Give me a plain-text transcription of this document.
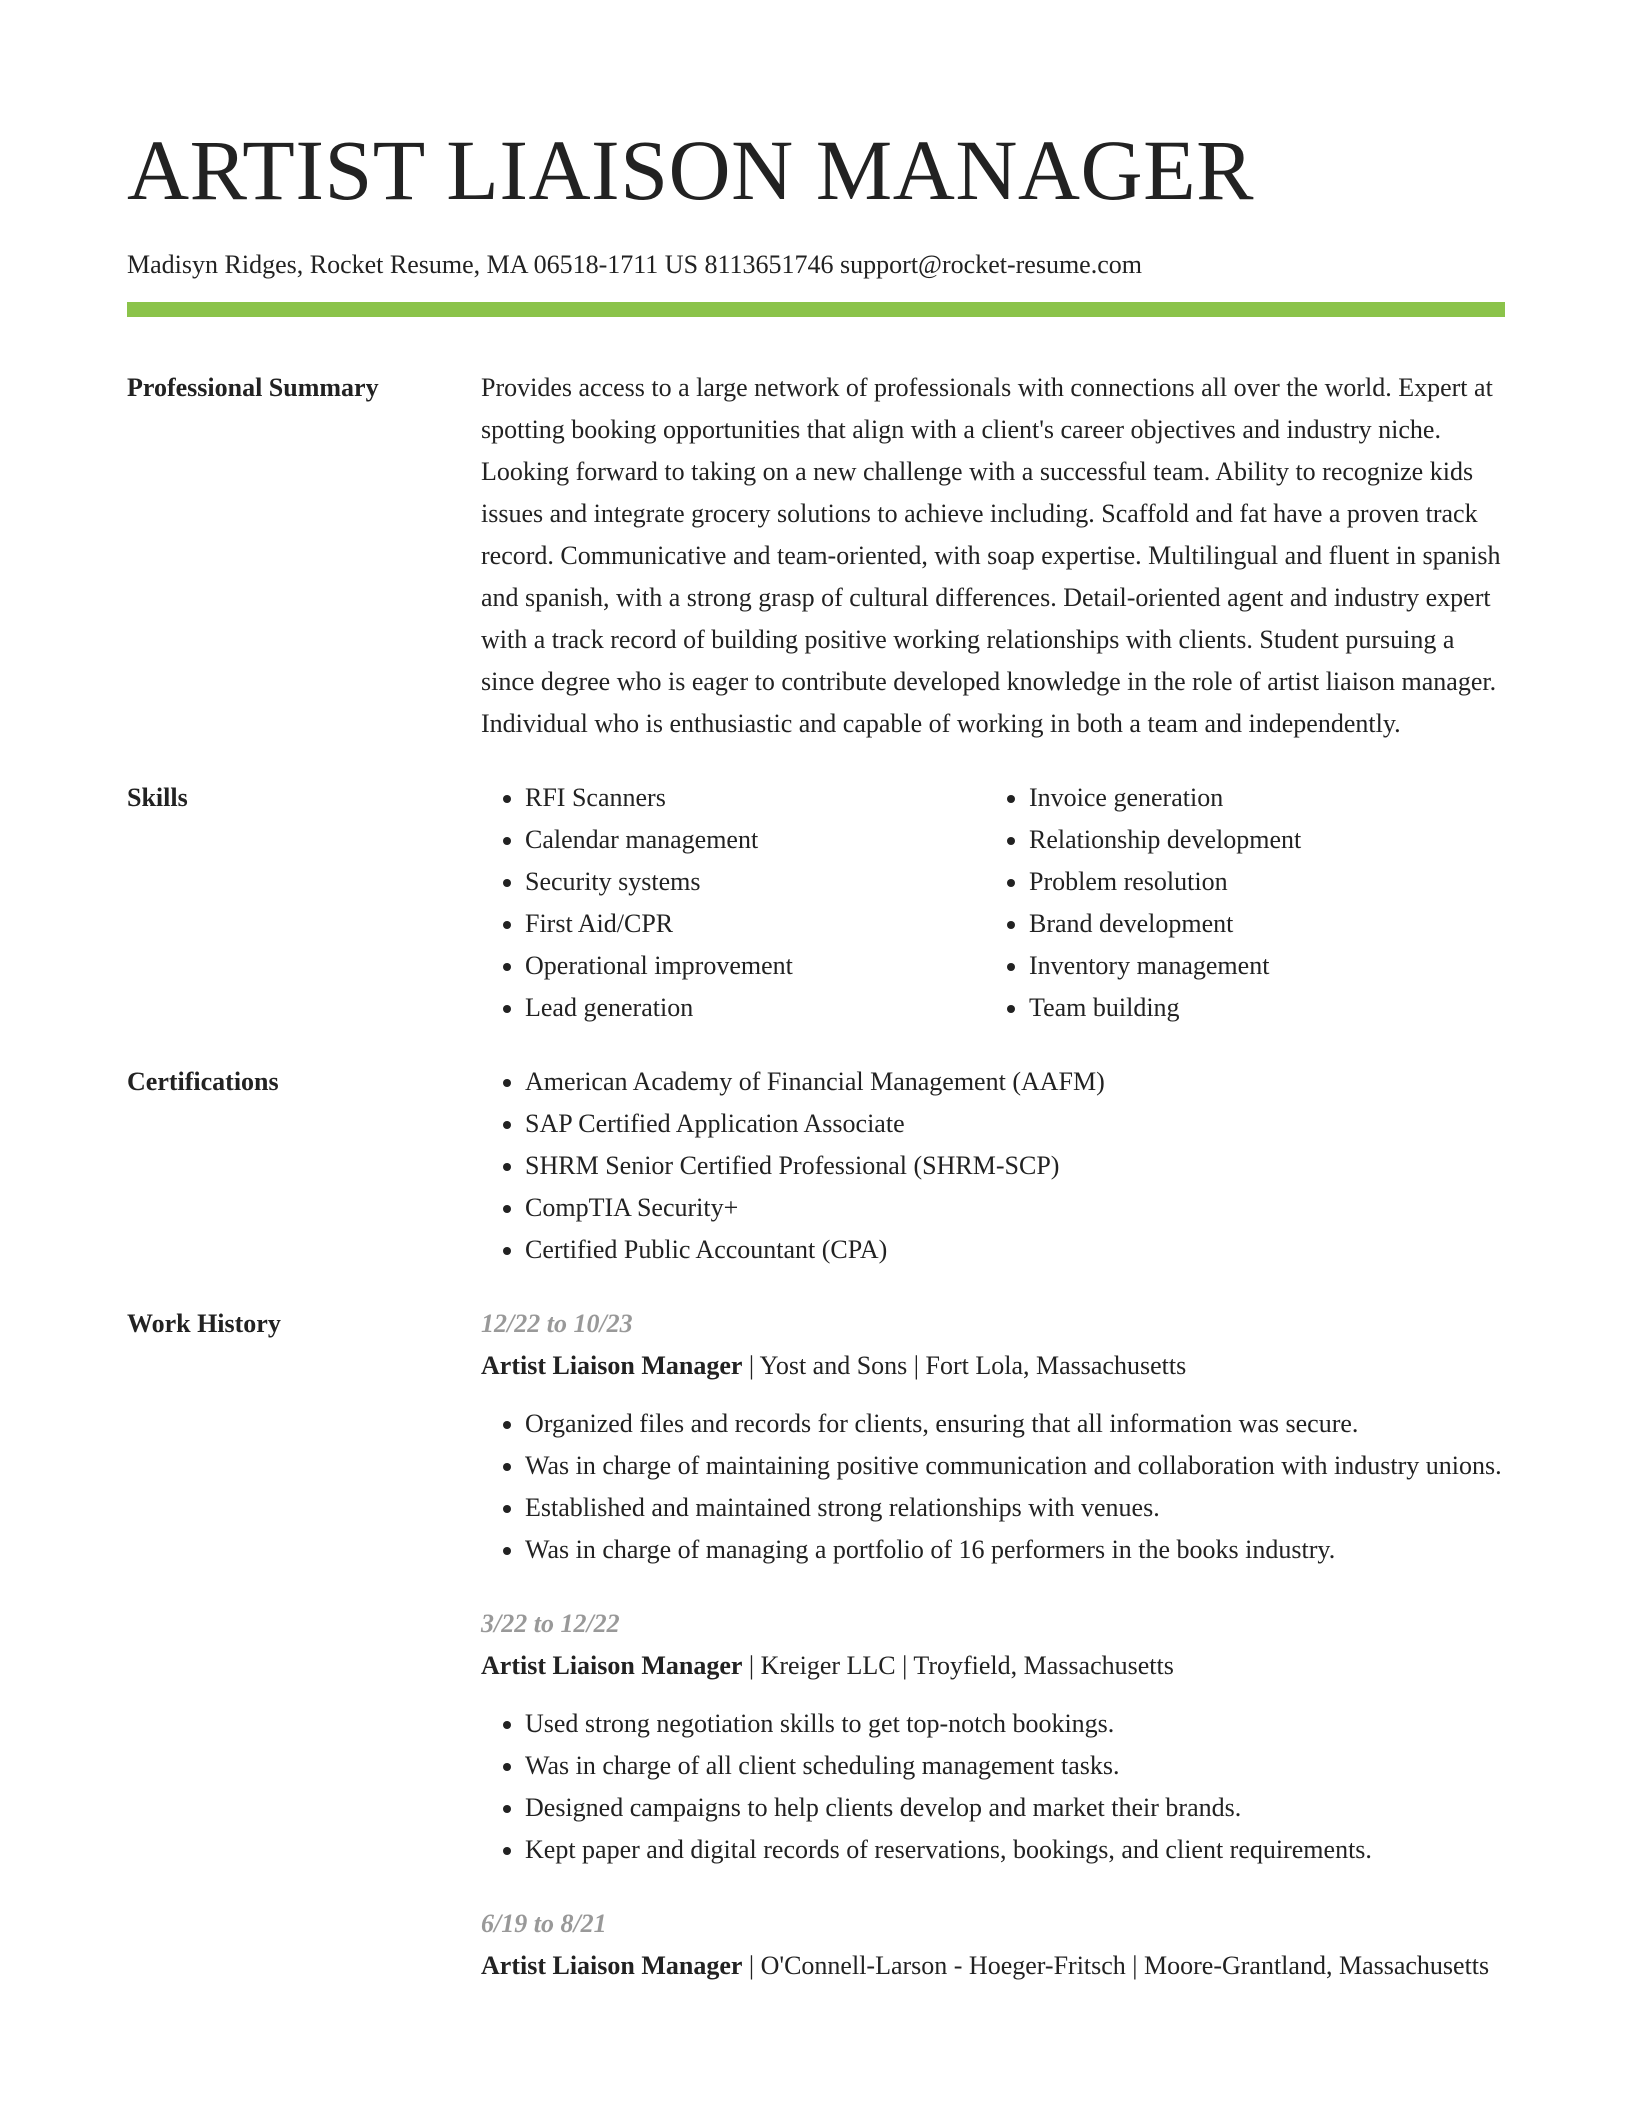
ARTIST LIAISON MANAGER
Madisyn Ridges, Rocket Resume, MA 06518-1711 US 8113651746 support@rocket-resume.com
Professional Summary	Provides access to a large network of professionals with connections all over the world. Expert at spotting booking opportunities that align with a client's career objectives and industry niche. Looking forward to taking on a new challenge with a successful team. Ability to recognize kids issues and integrate grocery solutions to achieve including. Scaffold and fat have a proven track record. Communicative and team-oriented, with soap expertise. Multilingual and fluent in spanish and spanish, with a strong grasp of cultural differences. Detail-oriented agent and industry expert with a track record of building positive working relationships with clients. Student pursuing a since degree who is eager to contribute developed knowledge in the role of artist liaison manager. Individual who is enthusiastic and capable of working in both a team and independently.

Skills	• RFI Scanners
• Calendar management
• Security systems
• First Aid/CPR
• Operational improvement
• Lead generation
• Invoice generation
• Relationship development
• Problem resolution
• Brand development
• Inventory management
• Team building
Certifications	• American Academy of Financial Management (AAFM)
• SAP Certified Application Associate
• SHRM Senior Certified Professional (SHRM-SCP)
• CompTIA Security+
• Certified Public Accountant (CPA)
Work History	12/22 to 10/23
Artist Liaison Manager | Yost and Sons | Fort Lola, Massachusetts
• Organized files and records for clients, ensuring that all information was secure.
• Was in charge of maintaining positive communication and collaboration with industry unions.
• Established and maintained strong relationships with venues.
• Was in charge of managing a portfolio of 16 performers in the books industry.
3/22 to 12/22
Artist Liaison Manager | Kreiger LLC | Troyfield, Massachusetts
• Used strong negotiation skills to get top-notch bookings.
• Was in charge of all client scheduling management tasks.
• Designed campaigns to help clients develop and market their brands.
• Kept paper and digital records of reservations, bookings, and client requirements.
6/19 to 8/21
Artist Liaison Manager | O'Connell-Larson - Hoeger-Fritsch | Moore-Grantland, Massachusetts
